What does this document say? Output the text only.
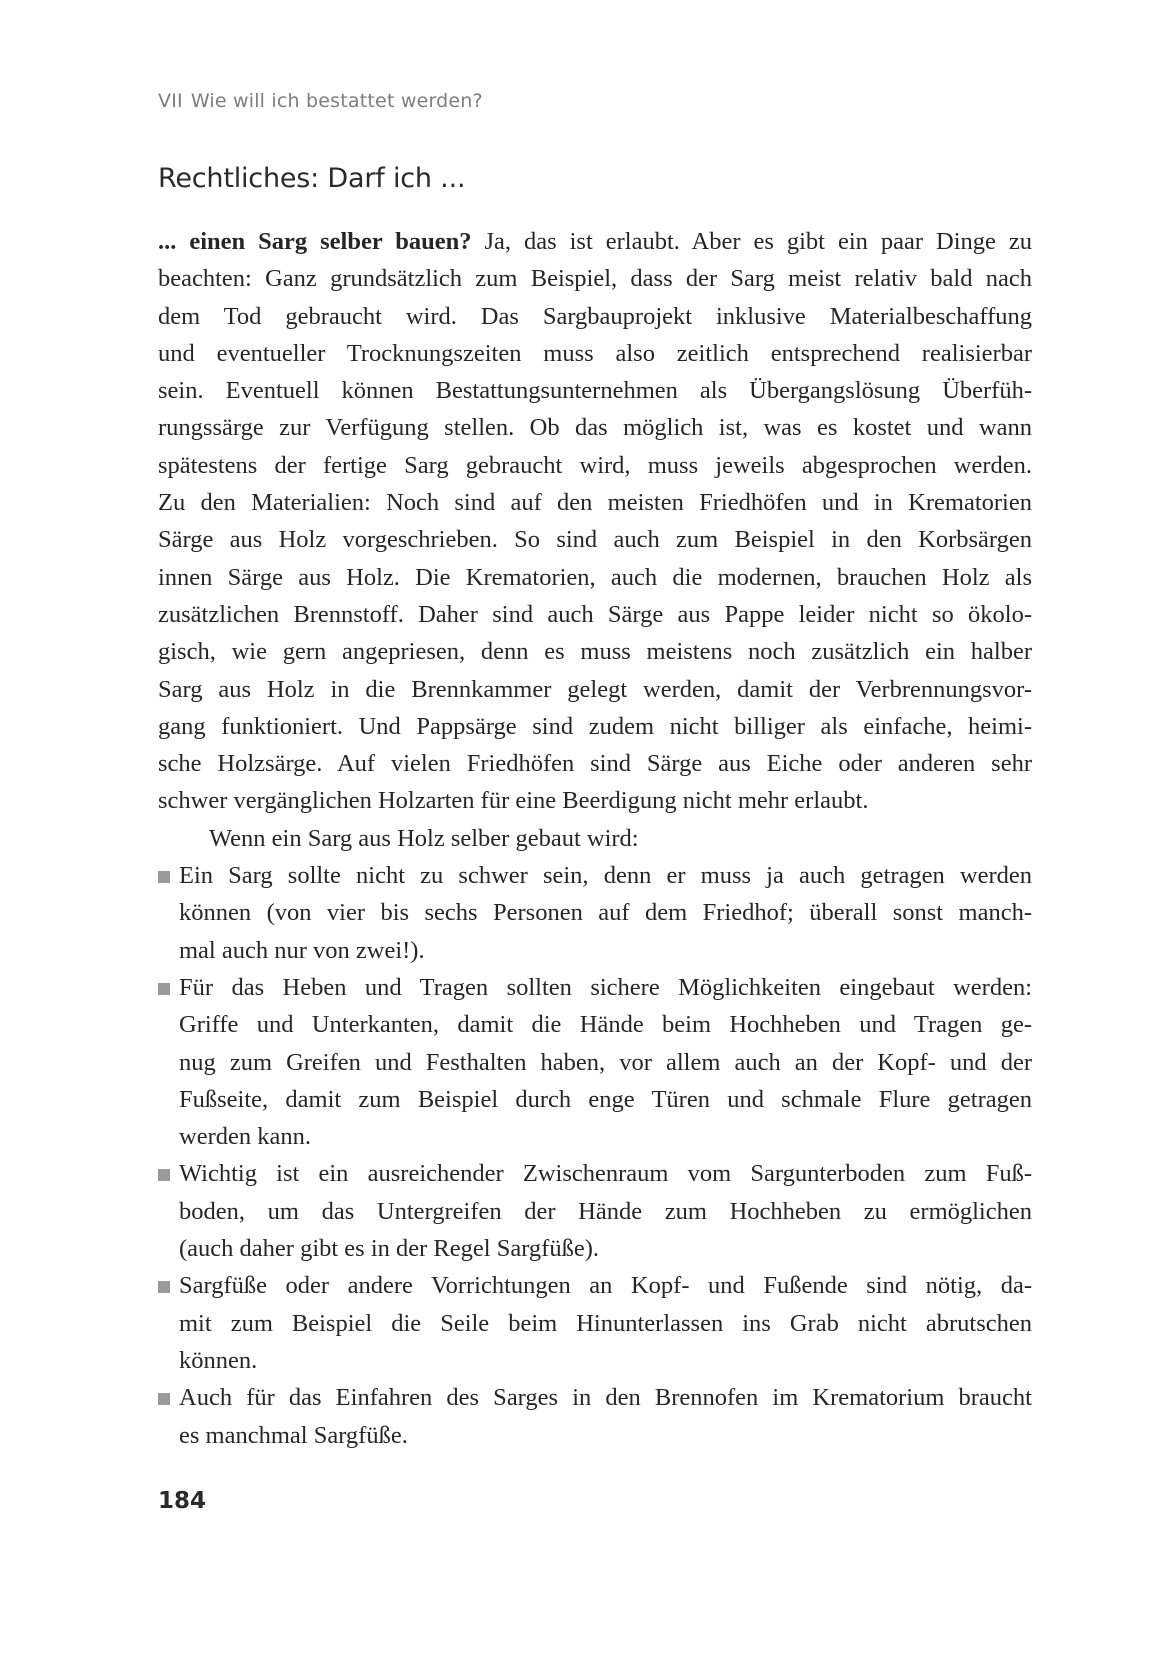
VII Wie will ich bestattet werden?
Rechtliches: Darf ich ...

... einen Sarg selber bauen? Ja, das ist erlaubt. Aber es gibt ein paar Dinge zu
beachten: Ganz grundsätzlich zum Beispiel, dass der Sarg meist relativ bald nach
dem Tod gebraucht wird. Das Sargbauprojekt inklusive Materialbeschaffung
und eventueller Trocknungszeiten muss also zeitlich entsprechend realisierbar
sein. Eventuell können Bestattungsunternehmen als Übergangslösung Überfüh-
rungssärge zur Verfügung stellen. Ob das möglich ist, was es kostet und wann
spätestens der fertige Sarg gebraucht wird, muss jeweils abgesprochen werden.
Zu den Materialien: Noch sind auf den meisten Friedhöfen und in Krematorien
Särge aus Holz vorgeschrieben. So sind auch zum Beispiel in den Korbsärgen
innen Särge aus Holz. Die Krematorien, auch die modernen, brauchen Holz als
zusätzlichen Brennstoff. Daher sind auch Särge aus Pappe leider nicht so ökolo-
gisch, wie gern angepriesen, denn es muss meistens noch zusätzlich ein halber
Sarg aus Holz in die Brennkammer gelegt werden, damit der Verbrennungsvor-
gang funktioniert. Und Pappsärge sind zudem nicht billiger als einfache, heimi-
sche Holzsärge. Auf vielen Friedhöfen sind Särge aus Eiche oder anderen sehr
schwer vergänglichen Holzarten für eine Beerdigung nicht mehr erlaubt.

Wenn ein Sarg aus Holz selber gebaut wird:

Ein Sarg sollte nicht zu schwer sein, denn er muss ja auch getragen werden
können (von vier bis sechs Personen auf dem Friedhof; überall sonst manch-
mal auch nur von zwei!).
Für das Heben und Tragen sollten sichere Möglichkeiten eingebaut werden:
Griffe und Unterkanten, damit die Hände beim Hochheben und Tragen ge-
nug zum Greifen und Festhalten haben, vor allem auch an der Kopf- und der
Fußseite, damit zum Beispiel durch enge Türen und schmale Flure getragen
werden kann.
Wichtig ist ein ausreichender Zwischenraum vom Sargunterboden zum Fuß-
boden, um das Untergreifen der Hände zum Hochheben zu ermöglichen
(auch daher gibt es in der Regel Sargfüße).
Sargfüße oder andere Vorrichtungen an Kopf- und Fußende sind nötig, da-
mit zum Beispiel die Seile beim Hinunterlassen ins Grab nicht abrutschen
können.
Auch für das Einfahren des Sarges in den Brennofen im Krematorium braucht
es manchmal Sargfüße.
184
